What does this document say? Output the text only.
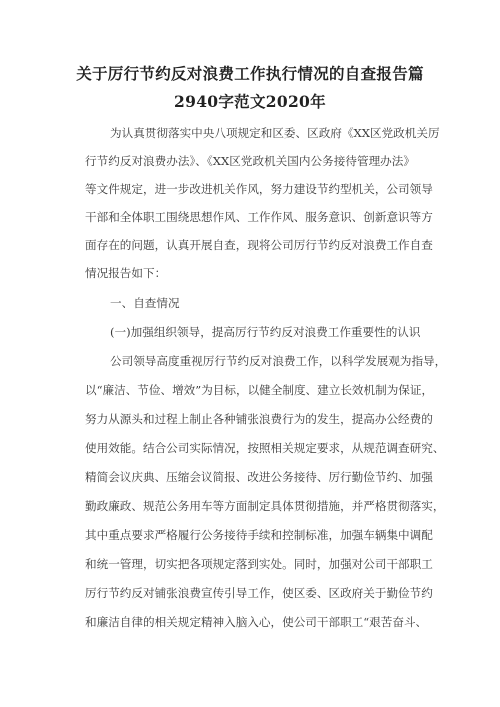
关于厉行节约反对浪费工作执行情况的自查报告篇
2940字范文2020年
为认真贯彻落实中央八项规定和区委、区政府《XX区党政机关厉
行节约反对浪费办法》、《XX区党政机关国内公务接待管理办法》
等文件规定，进一步改进机关作风，努力建设节约型机关，公司领导
干部和全体职工围绕思想作风、工作作风、服务意识、创新意识等方
面存在的问题，认真开展自查，现将公司厉行节约反对浪费工作自查
情况报告如下：
一、自查情况
(一)加强组织领导，提高厉行节约反对浪费工作重要性的认识
公司领导高度重视厉行节约反对浪费工作，以科学发展观为指导，
以“廉洁、节俭、增效”为目标，以健全制度、建立长效机制为保证，
努力从源头和过程上制止各种铺张浪费行为的发生，提高办公经费的
使用效能。结合公司实际情况，按照相关规定要求，从规范调查研究、
精简会议庆典、压缩会议简报、改进公务接待、厉行勤俭节约、加强
勤政廉政、规范公务用车等方面制定具体贯彻措施，并严格贯彻落实，
其中重点要求严格履行公务接待手续和控制标准，加强车辆集中调配
和统一管理，切实把各项规定落到实处。同时，加强对公司干部职工
厉行节约反对铺张浪费宣传引导工作，使区委、区政府关于勤俭节约
和廉洁自律的相关规定精神入脑入心，使公司干部职工“艰苦奋斗、
